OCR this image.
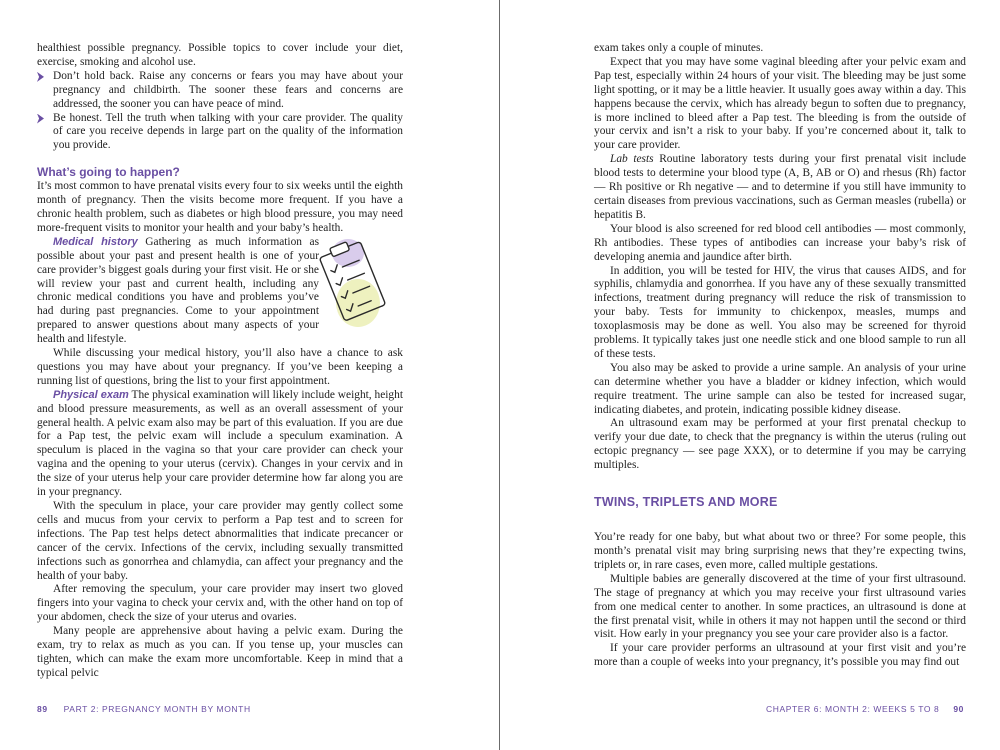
healthiest possible pregnancy. Possible topics to cover include your diet, exercise, smoking and alcohol use.

Don’t hold back. Raise any concerns or fears you may have about your pregnancy and childbirth. The sooner these fears and concerns are addressed, the sooner you can have peace of mind.

Be honest. Tell the truth when talking with your care provider. The quality of care you receive depends in large part on the quality of the information you provide.

What’s going to happen?

It’s most common to have prenatal visits every four to six weeks until the eighth month of pregnancy. Then the visits become more frequent. If you have a chronic health problem, such as diabetes or high blood pressure, you may need more-frequent visits to monitor your health and your baby’s health.

Medical history Gathering as much information as possible about your past and present health is one of your care provider’s biggest goals during your first visit. He or she will review your past and current health, including any chronic medical conditions you have and problems you’ve had during past pregnancies. Come to your appointment prepared to answer questions about many aspects of your health and lifestyle.

While discussing your medical history, you’ll also have a chance to ask questions you may have about your pregnancy. If you’ve been keeping a running list of questions, bring the list to your first appointment.

Physical exam The physical examination will likely include weight, height and blood pressure measurements, as well as an overall assessment of your general health. A pelvic exam also may be part of this evaluation. If you are due for a Pap test, the pelvic exam will include a speculum examination. A speculum is placed in the vagina so that your care provider can check your vagina and the opening to your uterus (cervix). Changes in your cervix and in the size of your uterus help your care provider determine how far along you are in your pregnancy.

With the speculum in place, your care provider may gently collect some cells and mucus from your cervix to perform a Pap test and to screen for infections. The Pap test helps detect abnormalities that indicate precancer or cancer of the cervix. Infections of the cervix, including sexually transmitted infections such as gonorrhea and chlamydia, can affect your pregnancy and the health of your baby.

After removing the speculum, your care provider may insert two gloved fingers into your vagina to check your cervix and, with the other hand on top of your abdomen, check the size of your uterus and ovaries.

Many people are apprehensive about having a pelvic exam. During the exam, try to relax as much as you can. If you tense up, your muscles can tighten, which can make the exam more uncomfortable. Keep in mind that a typical pelvic

exam takes only a couple of minutes.

Expect that you may have some vaginal bleeding after your pelvic exam and Pap test, especially within 24 hours of your visit. The bleeding may be just some light spotting, or it may be a little heavier. It usually goes away within a day. This happens because the cervix, which has already begun to soften due to pregnancy, is more inclined to bleed after a Pap test. The bleeding is from the outside of your cervix and isn’t a risk to your baby. If you’re concerned about it, talk to your care provider.

Lab tests Routine laboratory tests during your first prenatal visit include blood tests to determine your blood type (A, B, AB or O) and rhesus (Rh) factor — Rh positive or Rh negative — and to determine if you still have immunity to certain diseases from previous vaccinations, such as German measles (rubella) or hepatitis B.

Your blood is also screened for red blood cell antibodies — most commonly, Rh antibodies. These types of antibodies can increase your baby’s risk of developing anemia and jaundice after birth.

In addition, you will be tested for HIV, the virus that causes AIDS, and for syphilis, chlamydia and gonorrhea. If you have any of these sexually transmitted infections, treatment during pregnancy will reduce the risk of transmission to your baby. Tests for immunity to chickenpox, measles, mumps and toxoplasmosis may be done as well. You also may be screened for thyroid problems. It typically takes just one needle stick and one blood sample to run all of these tests.

You also may be asked to provide a urine sample. An analysis of your urine can determine whether you have a bladder or kidney infection, which would require treatment. The urine sample can also be tested for increased sugar, indicating diabetes, and protein, indicating possible kidney disease.

An ultrasound exam may be performed at your first prenatal checkup to verify your due date, to check that the pregnancy is within the uterus (ruling out ectopic pregnancy — see page XXX), or to determine if you may be carrying multiples.

TWINS, TRIPLETS AND MORE

You’re ready for one baby, but what about two or three? For some people, this month’s prenatal visit may bring surprising news that they’re expecting twins, triplets or, in rare cases, even more, called multiple gestations.

Multiple babies are generally discovered at the time of your first ultrasound. The stage of pregnancy at which you may receive your first ultrasound varies from one medical center to another. In some practices, an ultrasound is done at the first prenatal visit, while in others it may not happen until the second or third visit. How early in your pregnancy you see your care provider also is a factor.

If your care provider performs an ultrasound at your first visit and you’re more than a couple of weeks into your pregnancy, it’s possible you may find out

89 PART 2: PREGNANCY MONTH BY MONTH	CHAPTER 6: MONTH 2: WEEKS 5 TO 8 90
